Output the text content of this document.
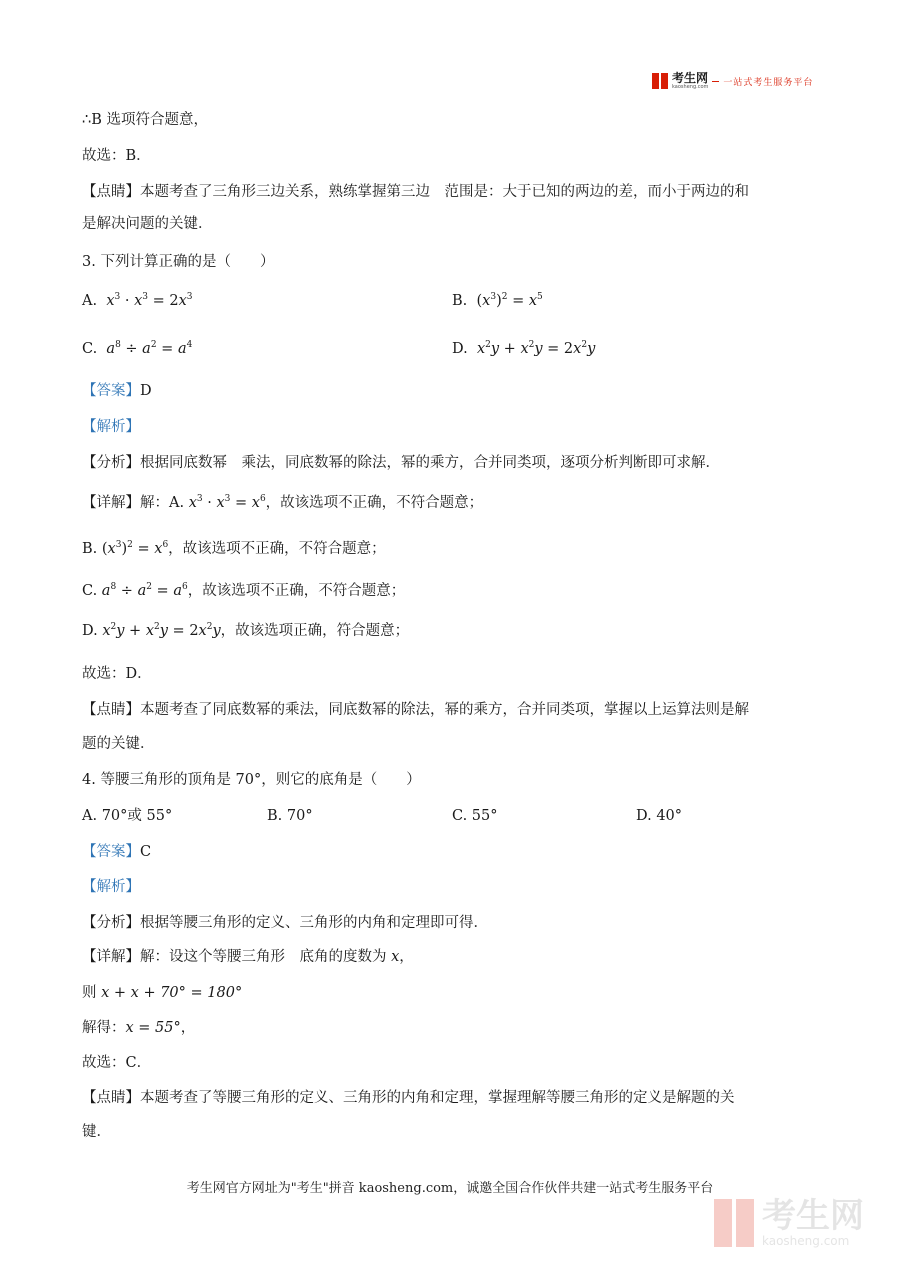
考生网
kaosheng.com 一站式考生服务平台
∴B 选项符合题意，
故选：B．
【点睛】本题考查了三角形三边关系，熟练掌握第三边　范围是：大于已知的两边的差，而小于两边的和
是解决问题的关键．
3. 下列计算正确的是（　　）
A. $x^3 \cdot x^3 = 2x^3$	B.  $(x^3)^2 = x^5$
C. $a^8 \div a^2 = a^4$	D. $x^2y + x^2y = 2x^2y$
【答案】D
【解析】
【分析】根据同底数幂　乘法，同底数幂的除法，幂的乘方，合并同类项，逐项分析判断即可求解．
【详解】解：A. $x^3 \cdot x^3 = x^6$，故该选项不正确，不符合题意；
B. $(x^3)^2 = x^6$，故该选项不正确，不符合题意；
C. $a^8 \div a^2 = a^6$，故该选项不正确，不符合题意；
D. $x^2y + x^2y = 2x^2y$，故该选项正确，符合题意；
故选：D．
【点睛】本题考查了同底数幂的乘法，同底数幂的除法，幂的乘方，合并同类项，掌握以上运算法则是解
题的关键．
4. 等腰三角形的顶角是 70°，则它的底角是（　　）
A. 70°或 55°	B. 70°	C. 55°	D. 40°
【答案】C
【解析】
【分析】根据等腰三角形的定义、三角形的内角和定理即可得．
【详解】解：设这个等腰三角形　底角的度数为 x，
则 x + x + 70° = 180°
解得：x = 55°，
故选：C．
【点睛】本题考查了等腰三角形的定义、三角形的内角和定理，掌握理解等腰三角形的定义是解题的关
键．
考生网官方网址为"考生"拼音 kaosheng.com，诚邀全国合作伙伴共建一站式考生服务平台
考生网
kaosheng.com
